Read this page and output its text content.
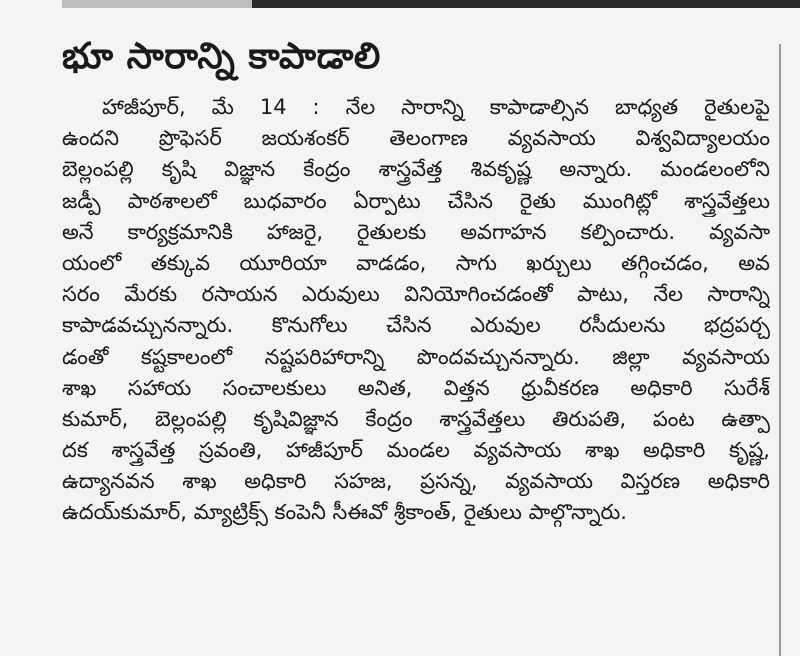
భూ సారాన్ని కాపాడాలి
హాజీపూర్, మే 14 : నేల సారాన్ని కాపాడాల్సిన బాధ్యత రైతులపై
ఉందని ప్రొఫెసర్ జయశంకర్ తెలంగాణ వ్యవసాయ విశ్వవిద్యాలయం
బెల్లంపల్లి కృషి విజ్ఞాన కేంద్రం శాస్త్రవేత్త శివకృష్ణ అన్నారు. మండలంలోని
జడ్పీ పాఠశాలలో బుధవారం ఏర్పాటు చేసిన రైతు ముంగిట్లో శాస్త్రవేత్తలు
అనే కార్యక్రమానికి హాజరై, రైతులకు అవగాహన కల్పించారు. వ్యవసా
యంలో తక్కువ యూరియా వాడడం, సాగు ఖర్చులు తగ్గించడం, అవ
సరం మేరకు రసాయన ఎరువులు వినియోగించడంతో పాటు, నేల సారాన్ని
కాపాడవచ్చునన్నారు. కొనుగోలు చేసిన ఎరువుల రసీదులను భద్రపర్చ
డంతో కష్టకాలంలో నష్టపరిహారాన్ని పొందవచ్చునన్నారు. జిల్లా వ్యవసాయ
శాఖ సహాయ సంచాలకులు అనిత, విత్తన ధ్రువీకరణ అధికారి సురేశ్
కుమార్, బెల్లంపల్లి కృషివిజ్ఞాన కేంద్రం శాస్త్రవేత్తలు తిరుపతి, పంట ఉత్పా
దక శాస్త్రవేత్త స్రవంతి, హాజీపూర్ మండల వ్యవసాయ శాఖ అధికారి కృష్ణ,
ఉద్యానవన శాఖ అధికారి సహజ, ప్రసన్న, వ్యవసాయ విస్తరణ అధికారి
ఉదయ్‌కుమార్, మ్యాట్రిక్స్ కంపెనీ సీఈవో శ్రీకాంత్, రైతులు పాల్గొన్నారు.
